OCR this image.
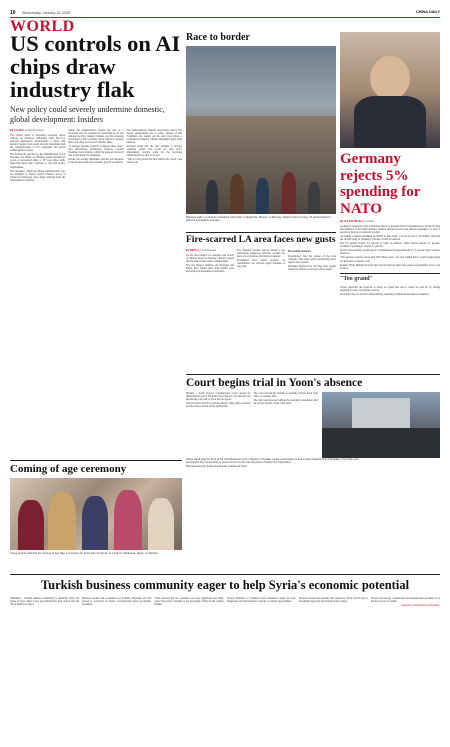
10 Wednesday, January 15, 2025	CHINA DAILY
WORLD
US controls on AI chips draw industry flak
New policy could severely undermine domestic, global development: Insiders
By LIA ZHU in San Francisco

The United States is proposing sweeping export controls on advanced computing chips used for artificial intelligence development, a move that industry leaders warn could severely undermine both the competitiveness of US companies and global technological progress.

The framework unveiled by the administration of US President Joe Biden on Monday grants unrestricted access to AI-related chips to 18 close allies while subjecting most other countries to caps and license requirements.

The measures, which the Biden administration says are designed to further restrict Chinese access to advanced technology, drew sharp criticism from the semiconductor industry.

While the administration frames the rule as a necessary step for keeping US leadership in AI and national security, industry insiders say the sweeping restrictions could accelerate rivals' efforts to develop their own chips and erode US market share.

"A strategic mistake would be to impose these rules," said Information Technology Industry Council President Jason Oxman, calling the rules an overreach that would harm US businesses.

Nvidia, the leading chipmaker, said the rule threatens to derail innovation and economic growth worldwide.

The Semiconductor Industry Association said it was deeply disappointed that a policy change of this magnitude was rushed out the door days before a presidential transition without meaningful input from industry.

Analysts noted that the rule includes a 120-day comment period and would not take effect immediately, leaving room for the incoming administration to alter or scrap it.

"This is a very broad rule that restricts the world," one expert said.

Coming of age ceremony
Young people celebrate the Coming of Age Day, a ceremony for those who turned 20, at a hotel in Yokohama, Japan, on Monday.
Race to border
Migrants walk in a caravan toward the US border in Tapachula, Mexico, on Monday, ahead of the incoming US administration's planned immigration changes.
Germany rejects 5% spending for NATO
By JULIAN MEJIA in London

Germany's Chancellor Olaf Scholz has rejected a demand from US President-elect Donald Trump that members of the NATO military alliance should increase their defense spending to at least 5 percent of their gross domestic product.

According to figures published by NATO in June 2024, a record 23 out of 32 member states hit the current target of spending 2 percent of GDP on defense.

The US spends around 3.4 percent of GDP on defense, while Poland spends 4.1 percent. Germany's spending is around 2.1 percent.

Scholz said Germany would keep its commitments but questioned how a 5 percent target could be financed.

"The percent would be more than 200 billion euros," he said, adding that it would require huge tax increases or massive cuts.

Poland's Prime Minister Donald Tusk has said Europe must take greater responsibility for its own security.

"Too grand"

Scholz described the proposal as being too grand and said it would be paid for by cutting spending on other vital public services.

In an interview, he said increasing military spending is important but must be balanced.

Fire-scarred LA area faces new gusts
By REN LI in Los Angeles

As the fire-ravaged Los Angeles area braced for intense winds on Tuesday, officials warned that the risk of more blazes remains high.

The two biggest wildfires, the Palisades and Eaton, have burned more than 40,000 acres and destroyed thousands of structures.

The National Weather Service issued a rare particularly dangerous situation warning for parts of Los Angeles and Ventura counties.

Firefighters have made progress on containment, but officials urged residents to stay alert.

Possible factors

Investigators into the causes of the fires continue, with some reports questioning water supply and response.

Residents displaced by the fires have sought temporary shelter as recovery efforts begin.

Court begins trial in Yoon's absence

SEOUL – South Korea's Constitutional Court opened its impeachment trial of President Yoon Suk-yeol on Tuesday, but the hearing was brief as Yoon did not appear.

Yoon's lawyers said he would not attend, citing safety concerns and the arrest warrant issued against him.

The court will decide whether to formally remove Yoon from office or reinstate him.

The trial could proceed without the president's attendance after the second session, under court rules.

Police stand guard in front of the Constitutional Court in Seoul on Tuesday, as the court began its trial on the impeachment of President Yoon Suk-yeol.

Investigators have been seeking to question Yoon over his brief imposition of martial law in December.

His supporters have gathered outside his residence in Seoul.

Turkish business community eager to help Syria's economic potential

ANKARA – Turkish business community is optimistic about the future of Syria, where a new government has taken control after the fall of Bashar al-Assad.

Business leaders and economists say Turkish companies are well placed to participate in Syria's reconstruction given geographic proximity.

Trade between the two countries was once significant and many expect the border crossings to see increasing activity in the coming months.

Several chambers of commerce have announced plans for trade delegations and joint business councils to explore opportunities.

Analysts caution that security and regulatory clarity will be key to unlocking large-scale investment in the country.

Experts said energy, construction and infrastructure are likely to be the first sectors to benefit.

Agencies contributed to this story.
